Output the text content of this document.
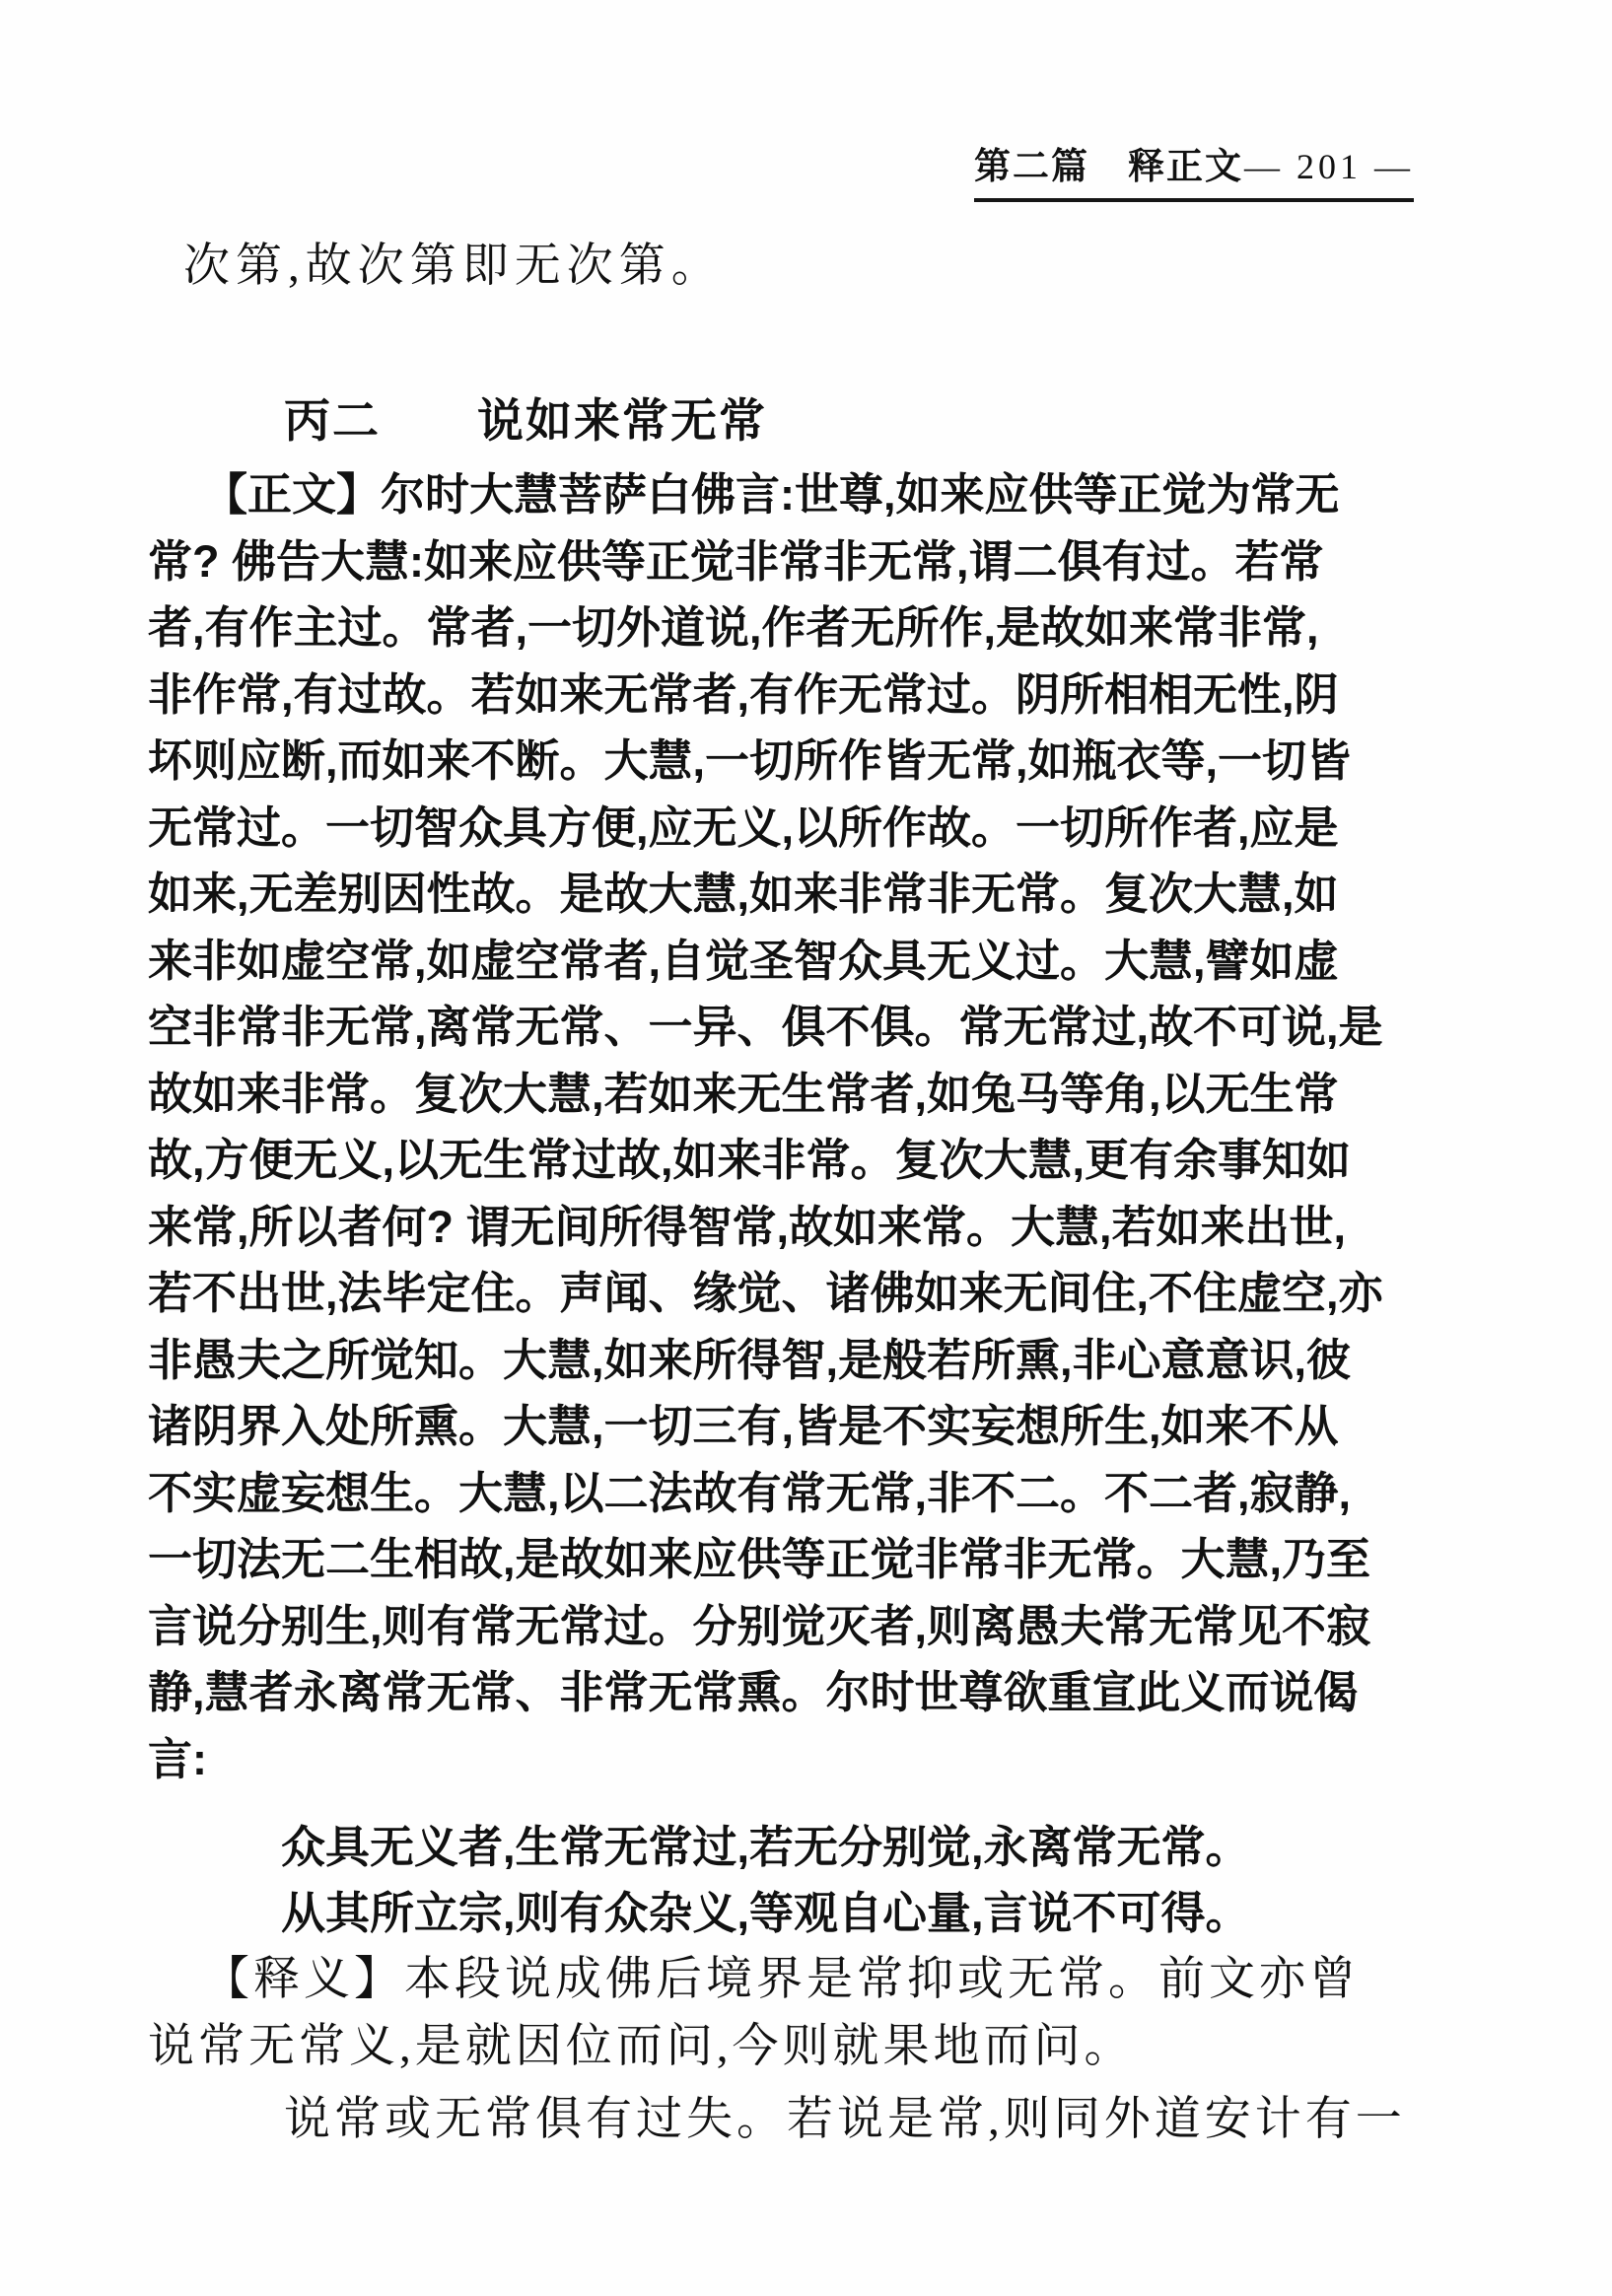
第二篇　释正文 — 201 —
次第,故次第即无次第。
丙二　　说如来常无常
【正文】尔时大慧菩萨白佛言:世尊,如来应供等正觉为常无
常? 佛告大慧:如来应供等正觉非常非无常,谓二俱有过。若常
者,有作主过。常者,一切外道说,作者无所作,是故如来常非常,
非作常,有过故。若如来无常者,有作无常过。阴所相相无性,阴
坏则应断,而如来不断。大慧,一切所作皆无常,如瓶衣等,一切皆
无常过。一切智众具方便,应无义,以所作故。一切所作者,应是
如来,无差别因性故。是故大慧,如来非常非无常。复次大慧,如
来非如虚空常,如虚空常者,自觉圣智众具无义过。大慧,譬如虚
空非常非无常,离常无常、一异、俱不俱。常无常过,故不可说,是
故如来非常。复次大慧,若如来无生常者,如兔马等角,以无生常
故,方便无义,以无生常过故,如来非常。复次大慧,更有余事知如
来常,所以者何? 谓无间所得智常,故如来常。大慧,若如来出世,
若不出世,法毕定住。声闻、缘觉、诸佛如来无间住,不住虚空,亦
非愚夫之所觉知。大慧,如来所得智,是般若所熏,非心意意识,彼
诸阴界入处所熏。大慧,一切三有,皆是不实妄想所生,如来不从
不实虚妄想生。大慧,以二法故有常无常,非不二。不二者,寂静,
一切法无二生相故,是故如来应供等正觉非常非无常。大慧,乃至
言说分别生,则有常无常过。分别觉灭者,则离愚夫常无常见不寂
静,慧者永离常无常、非常无常熏。尔时世尊欲重宣此义而说偈
言:
众具无义者,生常无常过,若无分别觉,永离常无常。
从其所立宗,则有众杂义,等观自心量,言说不可得。
【释义】本段说成佛后境界是常抑或无常。前文亦曾
说常无常义,是就因位而问,今则就果地而问。
说常或无常俱有过失。若说是常,则同外道安计有一
